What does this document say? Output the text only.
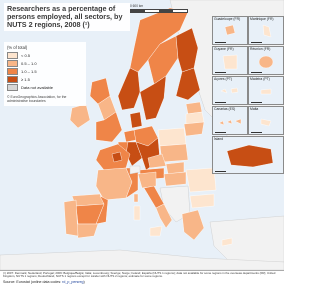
Researchers as a percentage of persons employed, all sectors, by NUTS 2 regions, 2008 (¹)
0 600 km
(% of total)
< 0.5
0.5 – 1.0
1.0 – 1.5
≥ 1.5
Data not available
© EuroGeographics Association, for the administrative boundaries
Guadeloupe (FR)	Martinique (FR)
Guyane (FR)	Réunion (FR)
Açores (PT)	Madeira (PT)
Canarias (ES)	Malta
Ísland
(¹) 2007: Denmark; Nederland; Portugal; 2006: Belgique/België; Italia; Luxembourg; Sverige; Norge; Ireland; España (NUTS 1 regions); data not available for some regions in the overseas departments (FR); United Kingdom, NUTS 1 regions; Deutschland, NUTS 1 regions except for Länder with NUTS 2 regions; estimate for some regions.
Source: Eurostat (online data codes: rd_p_persreg)
